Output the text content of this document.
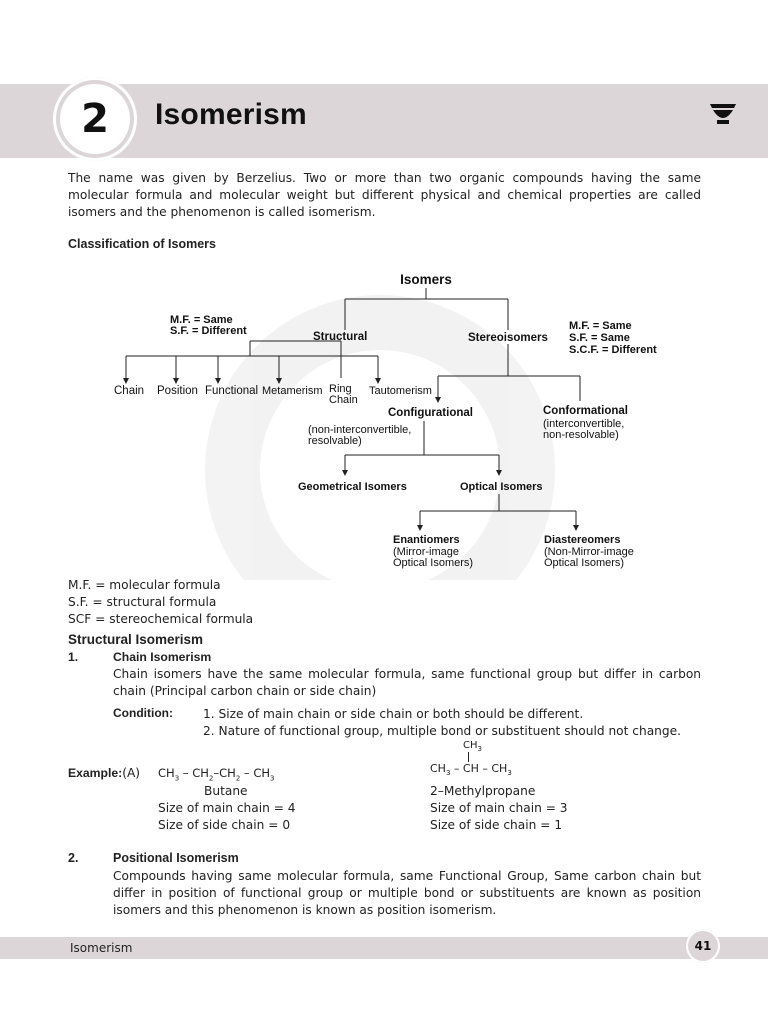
2	Isomerism

The name was given by Berzelius. Two or more than two organic compounds having the same molecular formula and molecular weight but different physical and chemical properties are called isomers and the phenomenon is called isomerism.

Classification of Isomers
Isomers
M.F. = Same
S.F. = Different	Structural	Stereoisomers
M.F. = Same
S.F. = Same
S.C.F. = Different
Chain Position Functional Metamerism Ring
Chain
Tautomerism
Configurational
(non-interconvertible,
resolvable)
Conformational
(interconvertible,
non-resolvable)
Geometrical Isomers	Optical Isomers
Enantiomers
(Mirror-image
Optical Isomers)
Diastereomers
(Non-Mirror-image
Optical Isomers)
M.F. = molecular formula
S.F. = structural formula
SCF = stereochemical formula
Structural Isomerism
1.	Chain Isomerism

Chain isomers have the same molecular formula, same functional group but differ in carbon chain (Principal carbon chain or side chain)

Condition: 1. Size of main chain or side chain or both should be different.
2. Nature of functional group, multiple bond or substituent should not change.
Example:(A) $CH_3 - CH_2-CH_2 - CH_3$
Butane
Size of main chain = 4
Size of side chain = 0
$CH_3$
$CH_3$ – CH – $CH_3$
2–Methylpropane
Size of main chain = 3
Size of side chain = 1
2.	Positional Isomerism

Compounds having same molecular formula, same Functional Group, Same carbon chain but differ in position of functional group or multiple bond or substituents are known as position isomers and this phenomenon is known as position isomerism.

Isomerism	41
